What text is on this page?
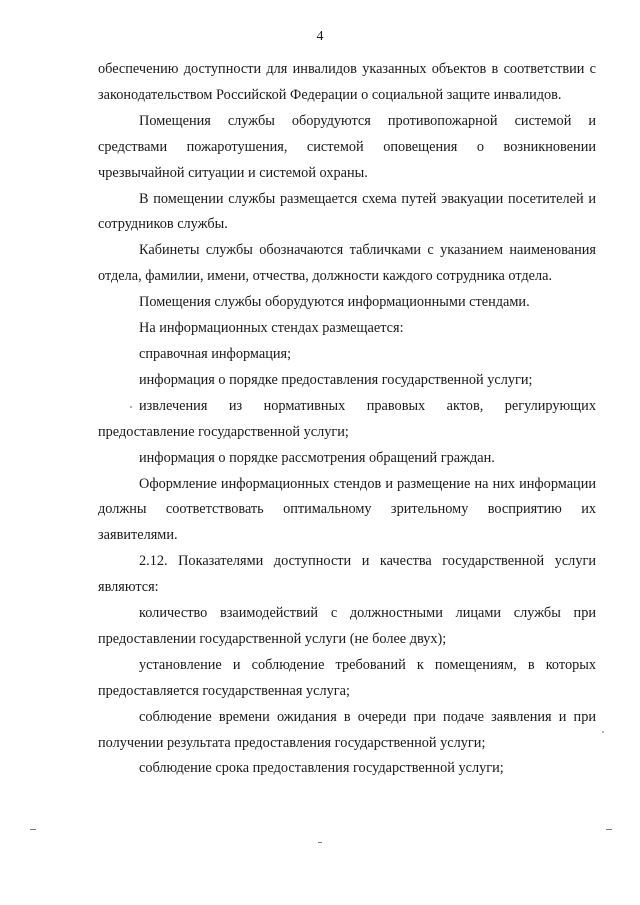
4

обеспечению доступности для инвалидов указанных объектов в соответствии с законодательством Российской Федерации о социальной защите инвалидов.

Помещения службы оборудуются противопожарной системой и средствами пожаротушения, системой оповещения о возникновении чрезвычайной ситуации и системой охраны.

В помещении службы размещается схема путей эвакуации посетителей и сотрудников службы.

Кабинеты службы обозначаются табличками с указанием наименования отдела, фамилии, имени, отчества, должности каждого сотрудника отдела.

Помещения службы оборудуются информационными стендами.

На информационных стендах размещается:

справочная информация;

информация о порядке предоставления государственной услуги;

извлечения из нормативных правовых актов, регулирующих предоставление государственной услуги;

информация о порядке рассмотрения обращений граждан.

Оформление информационных стендов и размещение на них информации должны соответствовать оптимальному зрительному восприятию их заявителями.

2.12. Показателями доступности и качества государственной услуги являются:

количество взаимодействий с должностными лицами службы при предоставлении государственной услуги (не более двух);

установление и соблюдение требований к помещениям, в которых предоставляется государственная услуга;

соблюдение времени ожидания в очереди при подаче заявления и при получении результата предоставления государственной услуги;

соблюдение срока предоставления государственной услуги;
